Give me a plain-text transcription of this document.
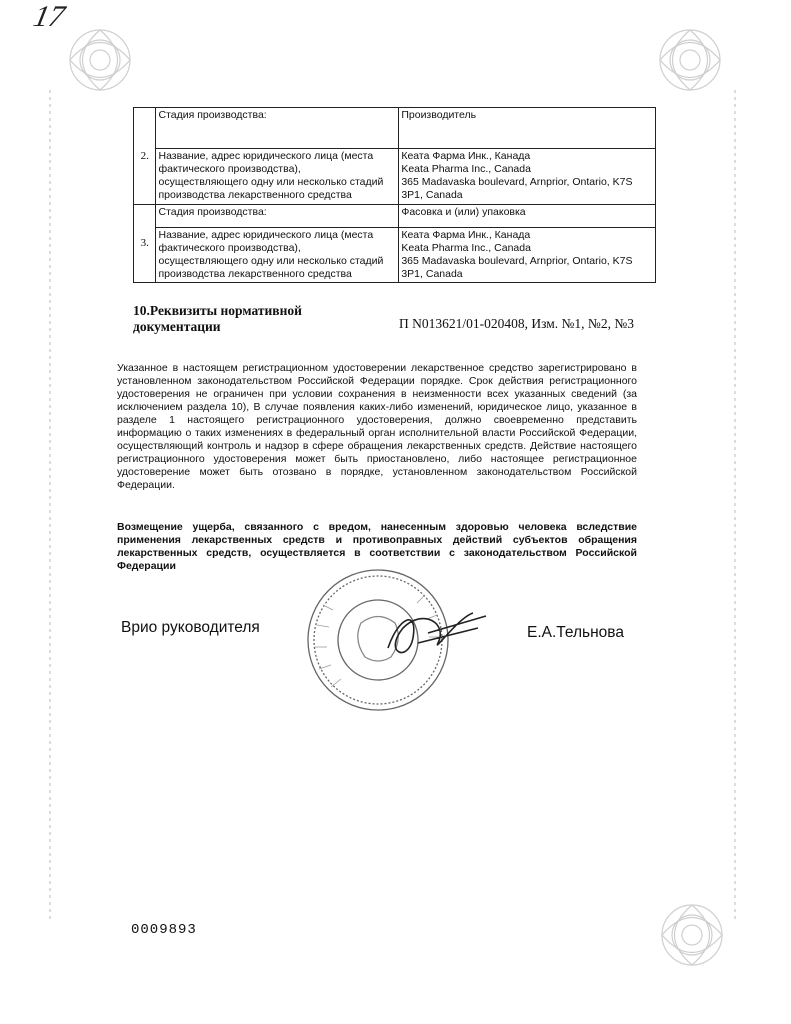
17
2.	Стадия производства:	Производитель

	Название, адрес юридического лица (места
фактического производства),
осуществляющего одну или несколько стадий
производства лекарственного средства	Кеата Фарма Инк., Канада
Keata Pharma Inc., Canada
365 Madavaska boulevard, Arnprior, Ontario, K7S
3P1, Canada

3.	Стадия производства:	Фасовка и (или) упаковка

	Название, адрес юридического лица (места
фактического производства),
осуществляющего одну или несколько стадий
производства лекарственного средства	Кеата Фарма Инк., Канада
Keata Pharma Inc., Canada
365 Madavaska boulevard, Arnprior, Ontario, K7S
3P1, Canada
10.Реквизиты нормативной
документации	П N013621/01-020408, Изм. №1, №2, №3
Указанное в настоящем регистрационном удостоверении лекарственное средство зарегистрировано в установленном законодательством Российской Федерации порядке. Срок действия регистрационного удостоверения не ограничен при условии сохранения в неизменности всех указанных сведений (за исключением раздела 10), В случае появления каких-либо изменений, юридическое лицо, указанное в разделе 1 настоящего регистрационного удостоверения, должно своевременно представить информацию о таких изменениях в федеральный орган исполнительной власти Российской Федерации, осуществляющий контроль и надзор в сфере обращения лекарственных средств. Действие настоящего регистрационного удостоверения может быть приостановлено, либо настоящее регистрационное удостоверение может быть отозвано в порядке, установленном законодательством Российской Федерации.
Возмещение ущерба, связанного с вредом, нанесенным здоровью человека вследствие применения лекарственных средств и противоправных действий субъектов обращения лекарственных средств, осуществляется в соответствии с законодательством Российской Федерации
Врио руководителя	Е.А.Тельнова
0009893
